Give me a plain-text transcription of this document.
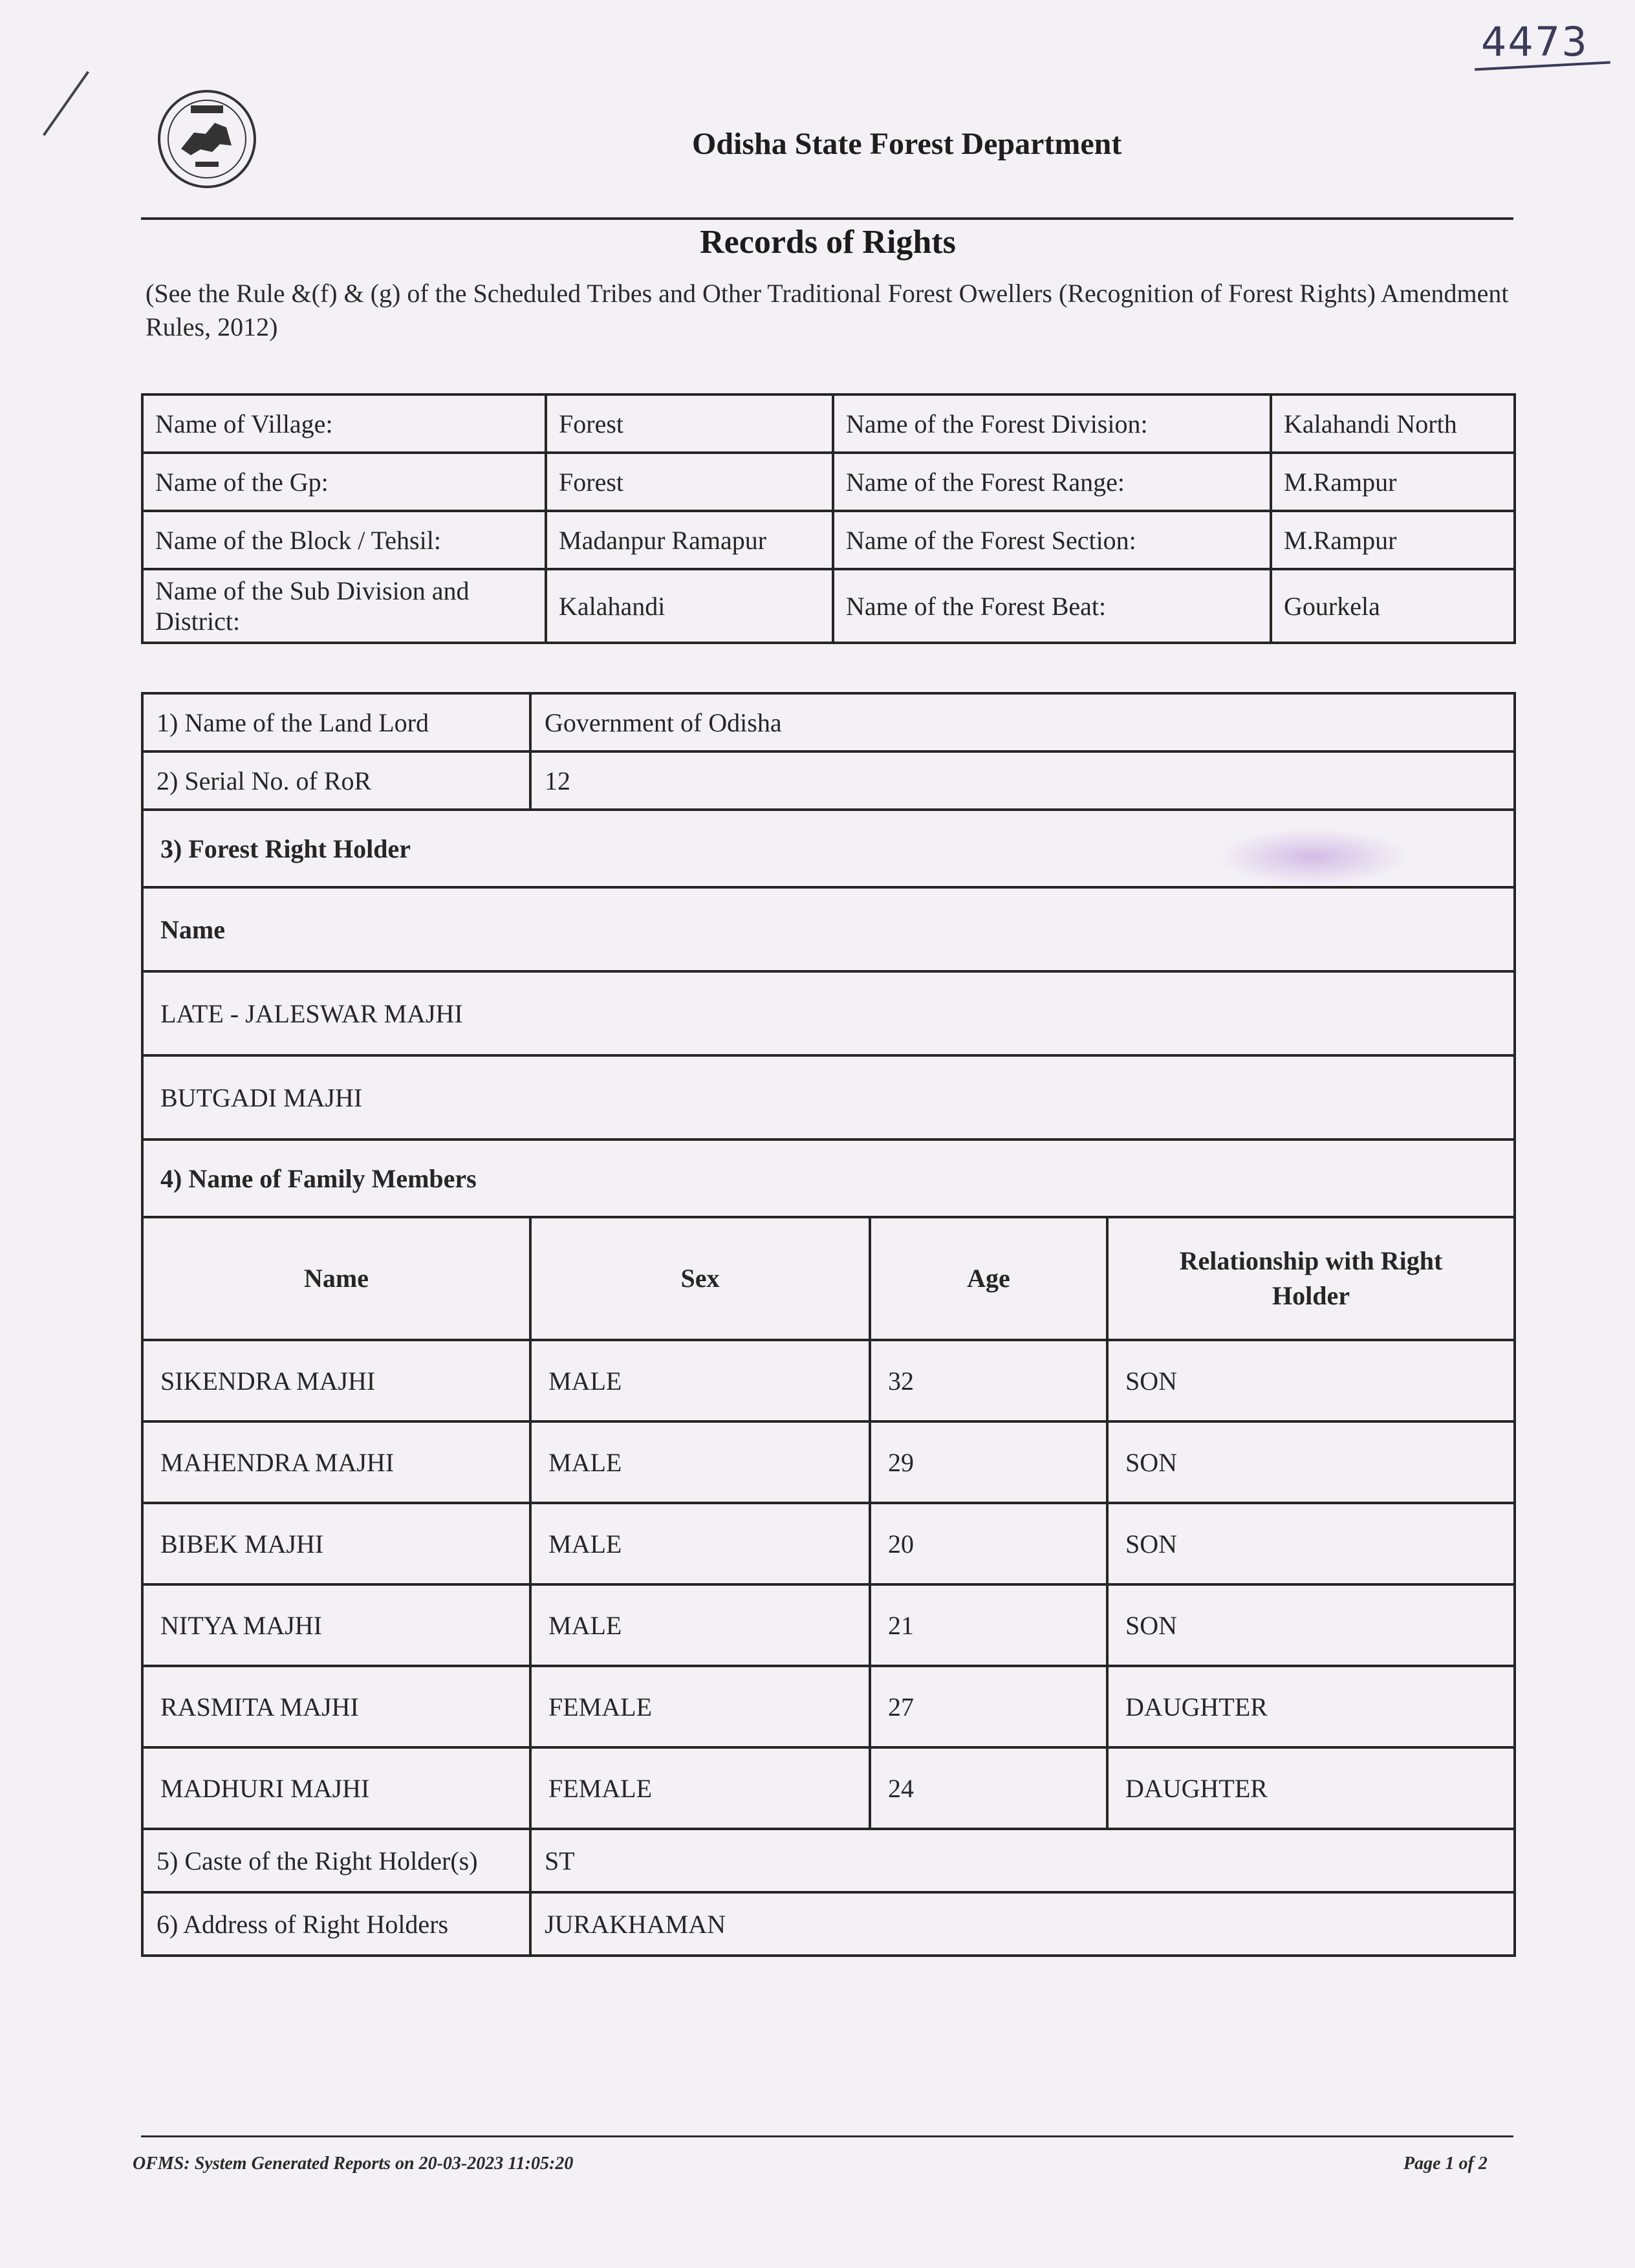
4473
Odisha State Forest Department
Records of Rights
(See the Rule &(f) & (g) of the Scheduled Tribes and Other Traditional Forest Owellers (Recognition of Forest Rights) Amendment Rules, 2012)
Name of Village:	Forest	Name of the Forest Division:	Kalahandi North
Name of the Gp:	Forest	Name of the Forest Range:	M.Rampur
Name of the Block / Tehsil:	Madanpur Ramapur	Name of the Forest Section:	M.Rampur
Name of the Sub Division and District:	Kalahandi	Name of the Forest Beat:	Gourkela
1) Name of the Land Lord	Government of Odisha		
2) Serial No. of RoR	12		
3) Forest Right Holder			
Name			
LATE - JALESWAR MAJHI			
BUTGADI MAJHI			
4) Name of Family Members			
Name	Sex	Age	Relationship with Right Holder
SIKENDRA MAJHI	MALE	32	SON
MAHENDRA MAJHI	MALE	29	SON
BIBEK MAJHI	MALE	20	SON
NITYA MAJHI	MALE	21	SON
RASMITA MAJHI	FEMALE	27	DAUGHTER
MADHURI MAJHI	FEMALE	24	DAUGHTER
5) Caste of the Right Holder(s)	ST		
6) Address of Right Holders	JURAKHAMAN		
OFMS: System Generated Reports on 20-03-2023 11:05:20	Page 1 of 2
